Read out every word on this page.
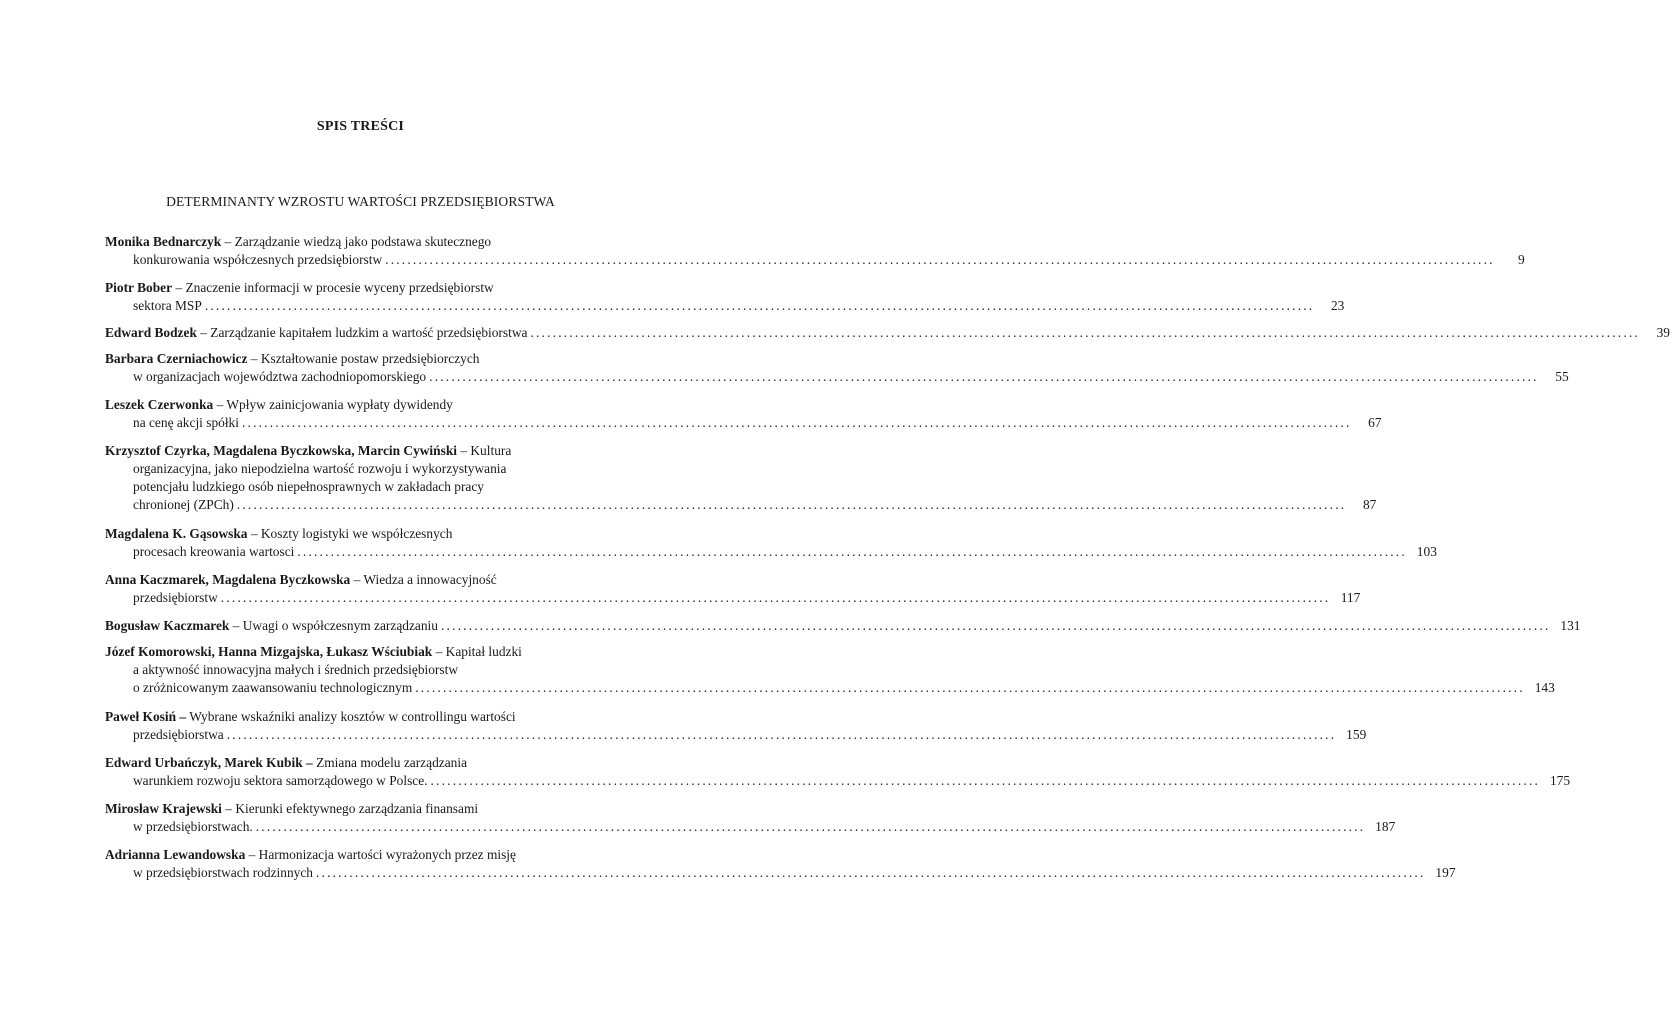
SPIS TREŚCI
DETERMINANTY WZROSTU WARTOŚCI PRZEDSIĘBIORSTWA
Monika Bednarczyk – Zarządzanie wiedzą jako podstawa skutecznego
konkurowania współczesnych przedsiębiorstw ........................................................................................................................................................................................................	9
Piotr Bober – Znaczenie informacji w procesie wyceny przedsiębiorstw
sektora MSP ........................................................................................................................................................................................................	23
Edward Bodzek – Zarządzanie kapitałem ludzkim a wartość przedsiębiorstwa ........................................................................................................................................................................................................	39
Barbara Czerniachowicz – Kształtowanie postaw przedsiębiorczych
w organizacjach województwa zachodniopomorskiego ........................................................................................................................................................................................................	55
Leszek Czerwonka – Wpływ zainicjowania wypłaty dywidendy
na cenę akcji spółki ........................................................................................................................................................................................................	67
Krzysztof Czyrka, Magdalena Byczkowska, Marcin Cywiński – Kultura
organizacyjna, jako niepodzielna wartość rozwoju i wykorzystywania
potencjału ludzkiego osób niepełnosprawnych w zakładach pracy
chronionej (ZPCh) ........................................................................................................................................................................................................	87
Magdalena K. Gąsowska – Koszty logistyki we współczesnych
procesach kreowania wartosci ........................................................................................................................................................................................................ 103
Anna Kaczmarek, Magdalena Byczkowska – Wiedza a innowacyjność
przedsiębiorstw ........................................................................................................................................................................................................ 117
Bogusław Kaczmarek – Uwagi o współczesnym zarządzaniu ........................................................................................................................................................................................................ 131
Józef Komorowski, Hanna Mizgajska, Łukasz Wściubiak – Kapitał ludzki
a aktywność innowacyjna małych i średnich przedsiębiorstw
o zróżnicowanym zaawansowaniu technologicznym ........................................................................................................................................................................................................ 143
Paweł Kosiń – Wybrane wskaźniki analizy kosztów w controllingu wartości
przedsiębiorstwa ........................................................................................................................................................................................................ 159
Edward Urbańczyk, Marek Kubik – Zmiana modelu zarządzania
warunkiem rozwoju sektora samorządowego w Polsce. ........................................................................................................................................................................................................ 175
Mirosław Krajewski – Kierunki efektywnego zarządzania finansami
w przedsiębiorstwach. ........................................................................................................................................................................................................ 187
Adrianna Lewandowska – Harmonizacja wartości wyrażonych przez misję
w przedsiębiorstwach rodzinnych ........................................................................................................................................................................................................ 197
